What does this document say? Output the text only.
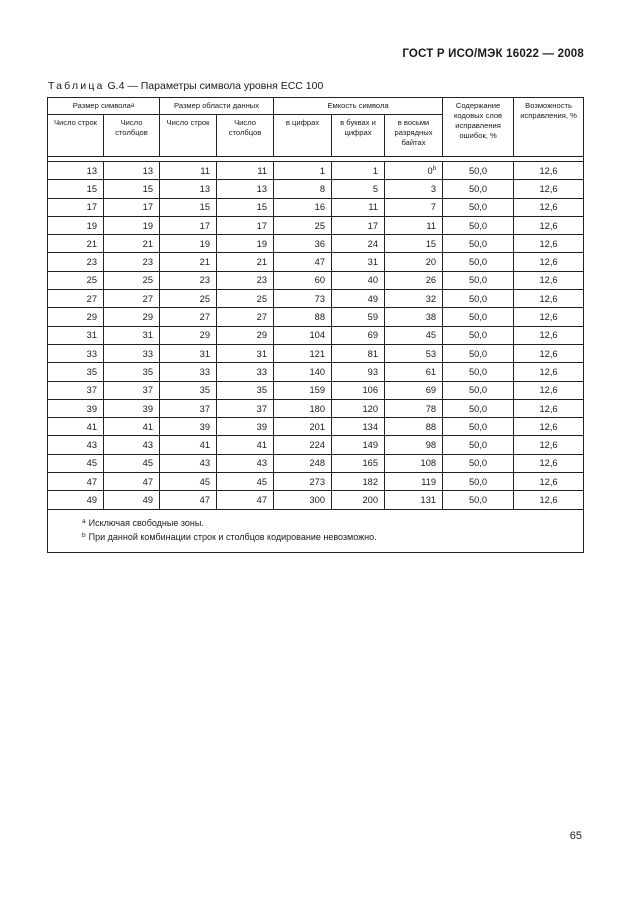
ГОСТ Р ИСО/МЭК 16022 — 2008
Таблица G.4 — Параметры символа уровня ECC 100
Размер символа$^a$		Размер области данных		Емкость символа			Содержание кодовых слов исправления ошибок, %	Возможность исправления, %
Число строк	Число столбцов	Число строк	Число столбцов	в цифрах	в буквах и цифрах	в восьми разрядных байтах		

13	13	11	11	1	1	0$^b$	50,0	12,6
15	15	13	13	8	5	3	50,0	12,6
17	17	15	15	16	11	7	50,0	12,6
19	19	17	17	25	17	11	50,0	12,6
21	21	19	19	36	24	15	50,0	12,6
23	23	21	21	47	31	20	50,0	12,6
25	25	23	23	60	40	26	50,0	12,6
27	27	25	25	73	49	32	50,0	12,6
29	29	27	27	88	59	38	50,0	12,6
31	31	29	29	104	69	45	50,0	12,6
33	33	31	31	121	81	53	50,0	12,6
35	35	33	33	140	93	61	50,0	12,6
37	37	35	35	159	106	69	50,0	12,6
39	39	37	37	180	120	78	50,0	12,6
41	41	39	39	201	134	88	50,0	12,6
43	43	41	41	224	149	98	50,0	12,6
45	45	43	43	248	165	108	50,0	12,6
47	47	45	45	273	182	119	50,0	12,6
49	49	47	47	300	200	131	50,0	12,6

$^a$ Исключая свободные зоны.
$^b$ При данной комбинации строк и столбцов кодирование невозможно.								
65
